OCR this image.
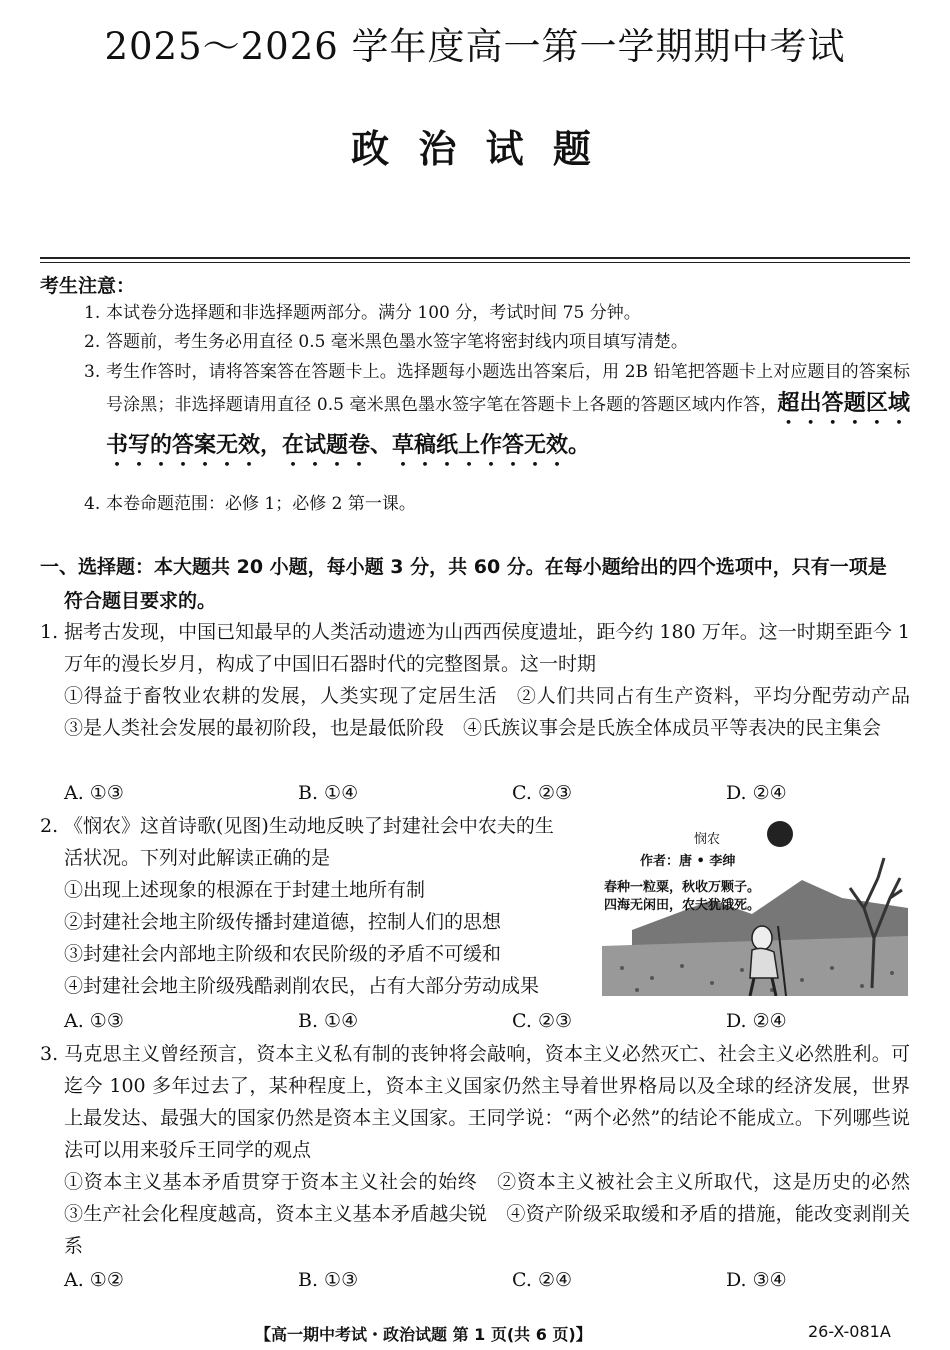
2025～2026 学年度高一第一学期期中考试
政 治 试 题
考生注意：
1. 本试卷分选择题和非选择题两部分。满分 100 分，考试时间 75 分钟。
2. 答题前，考生务必用直径 0.5 毫米黑色墨水签字笔将密封线内项目填写清楚。
3. 考生作答时，请将答案答在答题卡上。选择题每小题选出答案后，用 2B 铅笔把答题卡上对应题目的答案标号涂黑；非选择题请用直径 0.5 毫米黑色墨水签字笔在答题卡上各题的答题区域内作答，超出答题区域书写的答案无效，在试题卷、草稿纸上作答无效。
4. 本卷命题范围：必修 1；必修 2 第一课。
一、选择题：本大题共 20 小题，每小题 3 分，共 60 分。在每小题给出的四个选项中，只有一项是
符合题目要求的。
1. 据考古发现，中国已知最早的人类活动遗迹为山西西侯度遗址，距今约 180 万年。这一时期至距今 1 万年的漫长岁月，构成了中国旧石器时代的完整图景。这一时期
①得益于畜牧业农耕的发展，人类实现了定居生活　②人们共同占有生产资料，平均分配劳动产品　③是人类社会发展的最初阶段，也是最低阶段　④氏族议事会是氏族全体成员平等表决的民主集会
A. ①③	B. ①④	C. ②③	D. ②④
2. 《悯农》这首诗歌(见图)生动地反映了封建社会中农夫的生
活状况。下列对此解读正确的是
①出现上述现象的根源在于封建土地所有制
②封建社会地主阶级传播封建道德，控制人们的思想
③封建社会内部地主阶级和农民阶级的矛盾不可缓和
④封建社会地主阶级残酷剥削农民，占有大部分劳动成果
悯农
作者：唐 • 李绅
春种一粒粟，秋收万颗子。
四海无闲田，农夫犹饿死。
A. ①③	B. ①④	C. ②③	D. ②④
3. 马克思主义曾经预言，资本主义私有制的丧钟将会敲响，资本主义必然灭亡、社会主义必然胜利。可迄今 100 多年过去了，某种程度上，资本主义国家仍然主导着世界格局以及全球的经济发展，世界上最发达、最强大的国家仍然是资本主义国家。王同学说：“两个必然”的结论不能成立。下列哪些说法可以用来驳斥王同学的观点
①资本主义基本矛盾贯穿于资本主义社会的始终　②资本主义被社会主义所取代，这是历史的必然　③生产社会化程度越高，资本主义基本矛盾越尖锐　④资产阶级采取缓和矛盾的措施，能改变剥削关系
A. ①②	B. ①③	C. ②④	D. ③④
【高一期中考试・政治试题 第 1 页(共 6 页)】	26-X-081A
